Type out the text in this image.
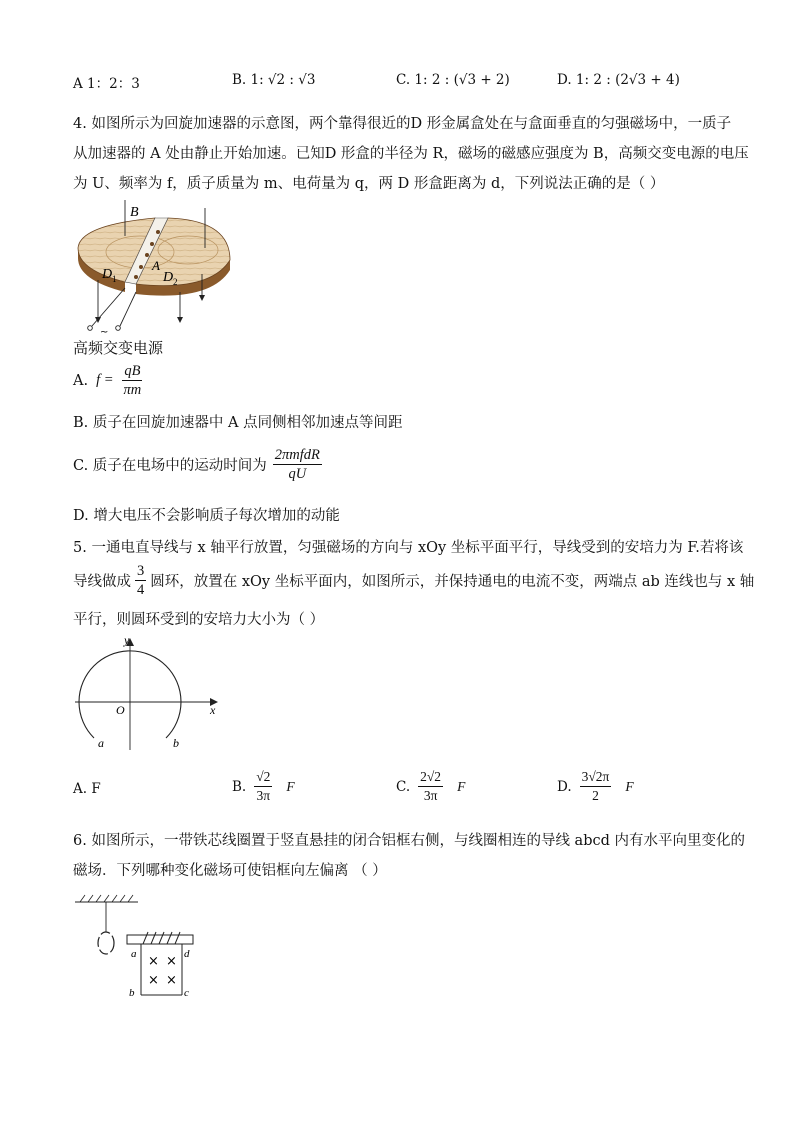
A 1：2：3	B. 1: √2 : √3	C. 1: 2 : (√3 + 2)	D. 1: 2 : (2√3 + 4)
4. 如图所示为回旋加速器的示意图，两个靠得很近的D 形金属盒处在与盒面垂直的匀强磁场中，一质子
从加速器的 A 处由静止开始加速。已知D 形盒的半径为 R，磁场的磁感应强度为 B，高频交变电源的电压
为 U、频率为 f，质子质量为 m、电荷量为 q，两 D 形盒距离为 d，下列说法正确的是（ ）
B
D 1
A
D 2
~
高频交变电源
A. $f = \frac{qB}{\pi m}$
B. 质子在回旋加速器中 A 点同侧相邻加速点等间距
C. 质子在电场中的运动时间为 $\frac{\text{2πmfdR}}{qU}$
D. 增大电压不会影响质子每次增加的动能
5. 一通电直导线与 x 轴平行放置，匀强磁场的方向与 xOy 坐标平面平行，导线受到的安培力为 F.若将该
导线做成 $\frac{3}{4}$ 圆环，放置在 xOy 坐标平面内，如图所示，并保持通电的电流不变，两端点 ab 连线也与 x 轴
平行，则圆环受到的安培力大小为（ ）
y
x
O
a	b
A. F	B. $\frac{√2}{3\pi}$ F	C. $\frac{2√2}{3\pi}$ F	D. $\frac{3√2\pi}{2}$ F
6. 如图所示，一带铁芯线圈置于竖直悬挂的闭合铝框右侧，与线圈相连的导线 abcd 内有水平向里变化的
磁场．下列哪种变化磁场可使铝框向左偏离 （ ）
× ×
× ×
a
b	c
d
